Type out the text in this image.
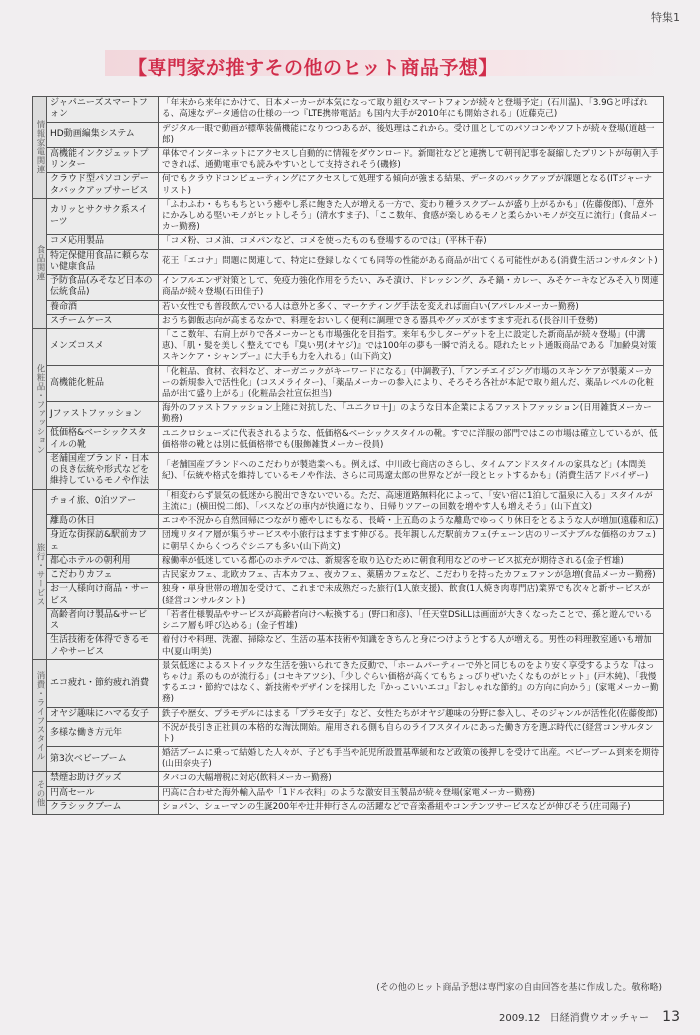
特集1
【専門家が推すその他のヒット商品予想】
情報家電関連	ジャパニーズスマートフォン	「年末から来年にかけて、日本メーカーが本気になって取り組むスマートフォンが続々と登場予定」(石川温)、「3.9Gと呼ばれる、高速なデータ通信の仕様の一つ『LTE携帯電話』も国内大手が2010年にも開始される」(近藤克己)
	HD動画編集システム	デジタル一眼で動画が標準装備機能になりつつあるが、後処理はこれから。受け皿としてのパソコンやソフトが続々登場(道越一郎)
	高機能インクジェットプリンター	単体でインターネットにアクセスし自動的に情報をダウンロード。新聞社などと連携して朝刊記事を凝縮したプリントが毎朝入手できれば、通勤電車でも読みやすいとして支持されそう(磯修)
	クラウド型パソコンデータバックアップサービス	何でもクラウドコンピューティングにアクセスして処理する傾向が強まる結果、データのバックアップが課題となる(ITジャーナリスト)
食品関連	カリッとサクサク系スイーツ	「ふわふわ・もちもちという癒やし系に飽きた人が増える一方で、変わり種ラスクブームが盛り上がるかも」(佐藤俊郎)、「意外にかみしめる堅いモノがヒットしそう」(清水すま子)、「ここ数年、食感が楽しめるモノと柔らかいモノが交互に流行」(食品メーカー勤務)
	コメ応用製品	「コメ粉、コメ油、コメパンなど、コメを使ったものも登場するのでは」(平林千春)
	特定保健用食品に頼らない健康食品	花王「エコナ」問題に関連して、特定に登録しなくても同等の性能がある商品が出てくる可能性がある(消費生活コンサルタント)
	予防食品(みそなど日本の伝統食品)	インフルエンザ対策として、免疫力強化作用をうたい、みそ漬け、ドレッシング、みそ鍋・カレー、みそケーキなどみそ入り関連商品が続々登場(石田佳子)
	養命酒	若い女性でも普段飲んでいる人は意外と多く、マーケティング手法を変えれば面白い(アパレルメーカー勤務)
	スチームケース	おうち御飯志向が高まるなかで、料理をおいしく便利に調理できる器具やグッズがますます売れる(長谷川千登勢)
化粧品・ファッション	メンズコスメ	「ここ数年、右肩上がりで各メーカーとも市場強化を目指す。来年も少しターゲットを上に設定した新商品が続々登場」(中溝恵)、「肌・髪を美しく整えてでも『臭い男(オヤジ)』では100年の夢も一瞬で消える。隠れたヒット通販商品である『加齢臭対策スキンケア・シャンプー』に大手も力を入れる」(山下尚文)
	高機能化粧品	「化粧品、食材、衣料など、オーガニックがキーワードになる」(中調教子)、「アンチエイジング市場のスキンケアが製薬メーカーの新規参入で活性化」(コスメライター)、「薬品メーカーの参入により、そろそろ各社が本記で取り組んだ、薬品レベルの化粧品が出て盛り上がる」(化粧品会社宣伝担当)
	Jファストファッション	海外のファストファッション上陸に対抗した、「ユニクロ＋J」のような日本企業によるファストファッション(日用雑貨メーカー勤務)
	低価格&ベーシックスタイルの靴	ユニクロシューズに代表されるような、低価格&ベーシックスタイルの靴。すでに洋服の部門ではこの市場は確立しているが、低価格帯の靴とは別に低価格帯でも(服飾雑貨メーカー役員)
	老舗国産ブランド・日本の良き伝統や形式などを維持しているモノや作法	「老舗国産ブランドへのこだわりが製造業へも。例えば、中川政七商店のさらし、タイムアンドスタイルの家具など」(本間美紀)、「伝統や格式を維持しているモノや作法、さらに司馬遼太郎の世界などが一段とヒットするかも」(消費生活アドバイザー)
旅行・サービス	チョイ旅、0泊ツアー	「相変わらず景気の低迷から脱出できないでいる。ただ、高速道路無料化によって、「安い宿に1泊して温泉に入る」スタイルが主流に」(横田悦二郎)、「バスなどの車内が快適になり、日帰りツアーの回数を増やす人も増えそう」(山下直文)
	離島の休日	エコや不況から自然回帰につながり癒やしにもなる、長崎・上五島のような離島でゆっくり休日をとるような人が増加(遠藤和広)
	身近な街探訪&駅前カフェ	団塊リタイア層が集うサービスや小旅行はますます伸びる。長年親しんだ駅前カフェ(チェーン店のリーズナブルな価格のカフェ)に朝早くからくつろぐシニアも多い(山下尚文)
	都心ホテルの朝利用	稼働率が低迷している都心のホテルでは、新規客を取り込むために朝食利用などのサービス拡充が期待される(金子哲雄)
	こだわりカフェ	古民家カフェ、北欧カフェ、古本カフェ、夜カフェ、薬膳カフェなど、こだわりを持ったカフェファンが急増(食品メーカー勤務)
	お一人様向け商品・サービス	独身・単身世帯の増加を受けて、これまで未成熟だった旅行(1人旅支援)、飲食(1人焼き肉専門店)業界でも次々と新サービスが(経営コンサルタント)
	高齢者向け製品&サービス	「若者仕様製品やサービスが高齢者向けへ転換する」(野口和彦)、「任天堂DSiLLは画面が大きくなったことで、孫と遊んでいるシニア層も呼び込める」(金子哲雄)
	生活技術を体得できるモノやサービス	着付けや料理、洗濯、掃除など、生活の基本技術や知識をきちんと身につけようとする人が増える。男性の料理教室通いも増加中(夏山明美)
消費・ライフスタイル	エコ疲れ・節約疲れ消費	景気低迷によるストイックな生活を強いられてきた反動で、「ホームパーティーで外と同じものをより安く享受するような『はっちゃけ』系のものが流行る」(コセキアツシ)、「少しぐらい価格が高くてもちょっぴりぜいたくなものがヒット」(戸木純)、「我慢するエコ・節約ではなく、新技術やデザインを採用した『かっこいいエコ』『おしゃれな節約』の方向に向かう」(家電メーカー勤務)
	オヤジ趣味にハマる女子	鉄子や歴女、プラモデルにはまる「プラモ女子」など、女性たちがオヤジ趣味の分野に参入し、そのジャンルが活性化(佐藤俊郎)
	多様な働き方元年	不況が長引き正社員の本格的な淘汰開始。雇用される側も自らのライフスタイルにあった働き方を選ぶ時代に(経営コンサルタント)
	第3次ベビーブーム	婚活ブームに乗って結婚した人々が、子ども手当や託児所設置基準緩和など政策の後押しを受けて出産。ベビーブーム到来を期待(山田奈央子)
その他	禁煙お助けグッズ	タバコの大幅増税に対応(飲料メーカー勤務)
	円高セール	円高に合わせた海外輸入品や「1ドル衣料」のような激安目玉製品が続々登場(家電メーカー勤務)
	クラシックブーム	ショパン、シューマンの生誕200年や辻井伸行さんの活躍などで音楽番組やコンテンツサービスなどが伸びそう(庄司陽子)
(その他のヒット商品予想は専門家の自由回答を基に作成した。敬称略)
2009.12 日経消費ウオッチャー 13
